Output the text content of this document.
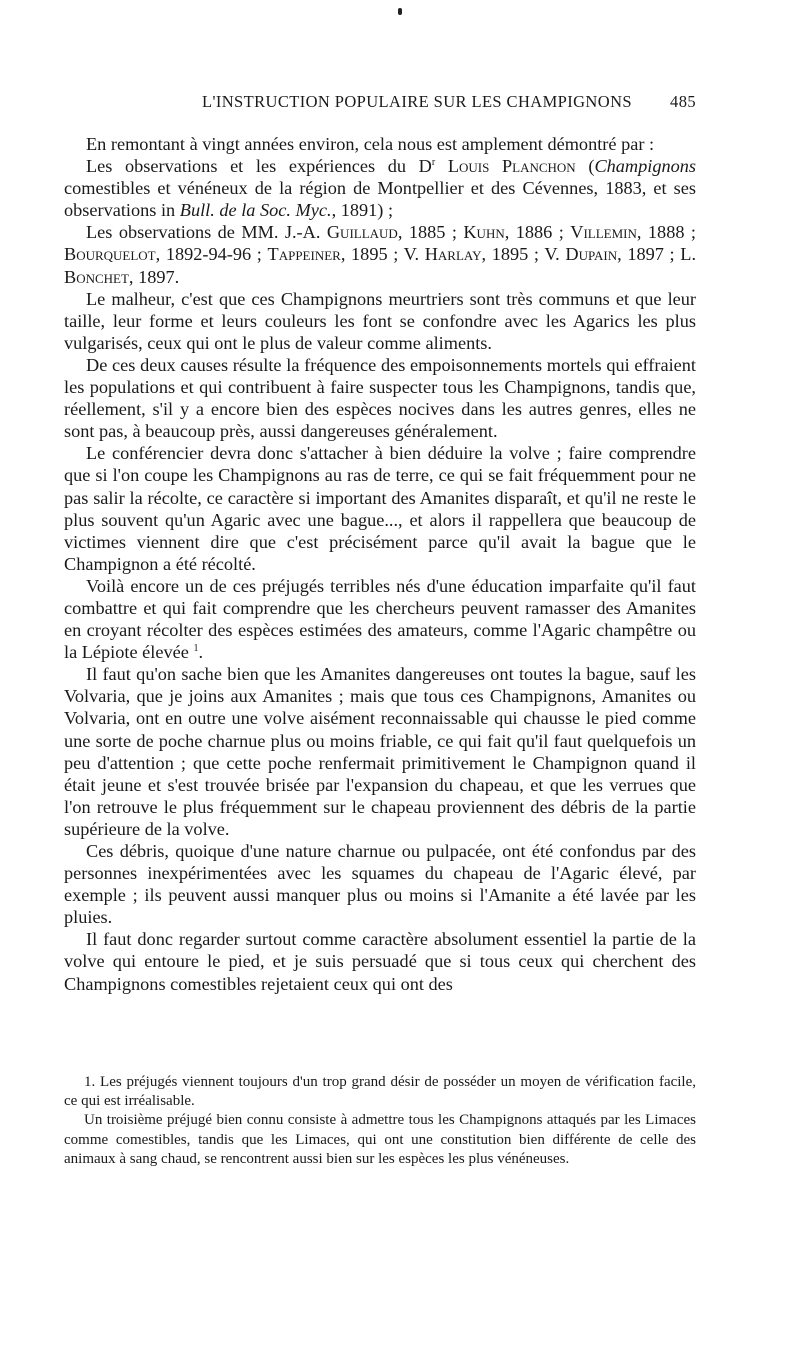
L'INSTRUCTION POPULAIRE SUR LES CHAMPIGNONS 485

En remontant à vingt années environ, cela nous est amplement démontré par :

Les observations et les expériences du $D^r$ Louis Planchon (Champignons comestibles et vénéneux de la région de Montpellier et des Cévennes, 1883, et ses observations in Bull. de la Soc. Myc., 1891) ;

Les observations de MM. J.-A. Guillaud, 1885 ; Kuhn, 1886 ; Villemin, 1888 ; Bourquelot, 1892-94-96 ; Tappeiner, 1895 ; V. Harlay, 1895 ; V. Dupain, 1897 ; L. Bonchet, 1897.

Le malheur, c'est que ces Champignons meurtriers sont très communs et que leur taille, leur forme et leurs couleurs les font se confondre avec les Agarics les plus vulgarisés, ceux qui ont le plus de valeur comme aliments.

De ces deux causes résulte la fréquence des empoisonnements mortels qui effraient les populations et qui contribuent à faire suspecter tous les Champignons, tandis que, réellement, s'il y a encore bien des espèces nocives dans les autres genres, elles ne sont pas, à beaucoup près, aussi dangereuses généralement.

Le conférencier devra donc s'attacher à bien déduire la volve ; faire comprendre que si l'on coupe les Champignons au ras de terre, ce qui se fait fréquemment pour ne pas salir la récolte, ce caractère si important des Amanites disparaît, et qu'il ne reste le plus souvent qu'un Agaric avec une bague..., et alors il rappellera que beaucoup de victimes viennent dire que c'est précisément parce qu'il avait la bague que le Champignon a été récolté.

Voilà encore un de ces préjugés terribles nés d'une éducation imparfaite qu'il faut combattre et qui fait comprendre que les chercheurs peuvent ramasser des Amanites en croyant récolter des espèces estimées des amateurs, comme l'Agaric champêtre ou la Lépiote élevée $^1$.

Il faut qu'on sache bien que les Amanites dangereuses ont toutes la bague, sauf les Volvaria, que je joins aux Amanites ; mais que tous ces Champignons, Amanites ou Volvaria, ont en outre une volve aisément reconnaissable qui chausse le pied comme une sorte de poche charnue plus ou moins friable, ce qui fait qu'il faut quelquefois un peu d'attention ; que cette poche renfermait primitivement le Champignon quand il était jeune et s'est trouvée brisée par l'expansion du chapeau, et que les verrues que l'on retrouve le plus fréquemment sur le chapeau proviennent des débris de la partie supérieure de la volve.

Ces débris, quoique d'une nature charnue ou pulpacée, ont été confondus par des personnes inexpérimentées avec les squames du chapeau de l'Agaric élevé, par exemple ; ils peuvent aussi manquer plus ou moins si l'Amanite a été lavée par les pluies.

Il faut donc regarder surtout comme caractère absolument essentiel la partie de la volve qui entoure le pied, et je suis persuadé que si tous ceux qui cherchent des Champignons comestibles rejetaient ceux qui ont des

1. Les préjugés viennent toujours d'un trop grand désir de posséder un moyen de vérification facile, ce qui est irréalisable.

Un troisième préjugé bien connu consiste à admettre tous les Champignons attaqués par les Limaces comme comestibles, tandis que les Limaces, qui ont une constitution bien différente de celle des animaux à sang chaud, se rencontrent aussi bien sur les espèces les plus vénéneuses.
